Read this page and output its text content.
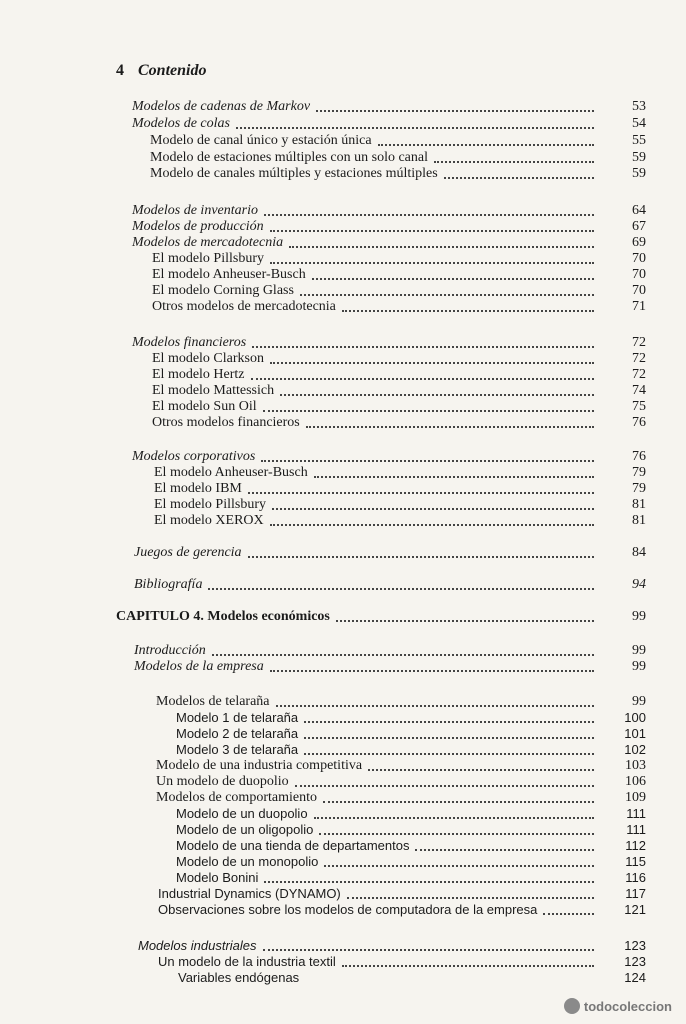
4 Contenido
Modelos de cadenas de Markov	53
Modelos de colas	54
Modelo de canal único y estación única	55
Modelo de estaciones múltiples con un solo canal	59
Modelo de canales múltiples y estaciones múltiples	59
Modelos de inventario	64
Modelos de producción	67
Modelos de mercadotecnia	69
El modelo Pillsbury	70
El modelo Anheuser-Busch	70
El modelo Corning Glass	70
Otros modelos de mercadotecnia	71
Modelos financieros	72
El modelo Clarkson	72
El modelo Hertz	72
El modelo Mattessich	74
El modelo Sun Oil	75
Otros modelos financieros	76
Modelos corporativos	76
El modelo Anheuser-Busch	79
El modelo IBM	79
El modelo Pillsbury	81
El modelo XEROX	81
Juegos de gerencia	84
Bibliografía	94
CAPITULO 4. Modelos económicos	99
Introducción	99
Modelos de la empresa	99
Modelos de telaraña	99
Modelo 1 de telaraña	100
Modelo 2 de telaraña	101
Modelo 3 de telaraña	102
Modelo de una industria competitiva	103
Un modelo de duopolio	106
Modelos de comportamiento	109
Modelo de un duopolio	111
Modelo de un oligopolio	111
Modelo de una tienda de departamentos	112
Modelo de un monopolio	115
Modelo Bonini	116
Industrial Dynamics (DYNAMO)	117
Observaciones sobre los modelos de computadora de la empresa	121
Modelos industriales	123
Un modelo de la industria textil	123
Variables endógenas	124
todocoleccion
